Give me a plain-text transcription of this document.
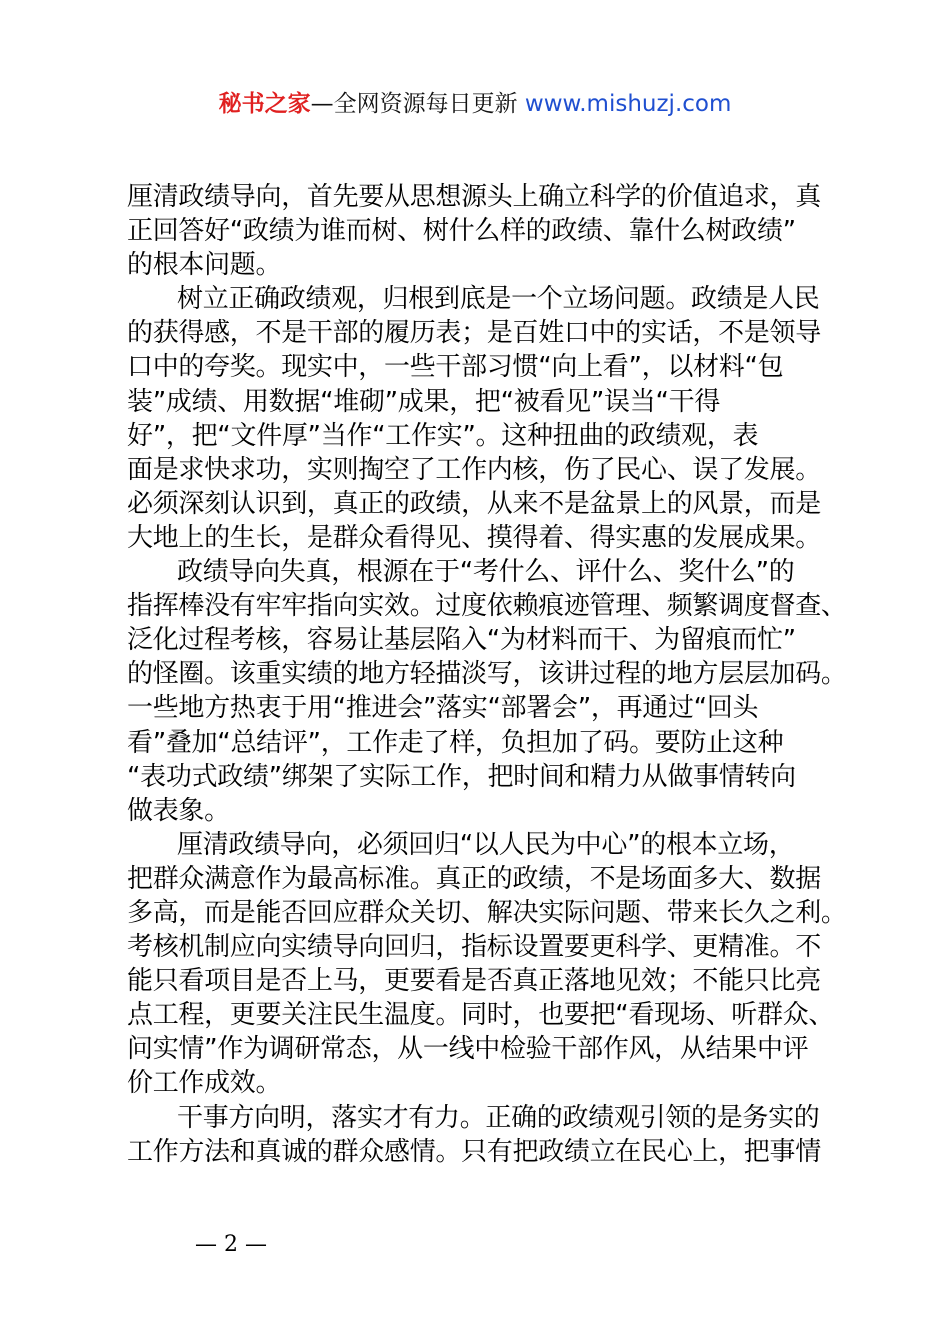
秘书之家—全网资源每日更新 www.mishuzj.com
厘清政绩导向，首先要从思想源头上确立科学的价值追求，真
正回答好“政绩为谁而树、树什么样的政绩、靠什么树政绩”
的根本问题。
树立正确政绩观，归根到底是一个立场问题。政绩是人民
的获得感，不是干部的履历表；是百姓口中的实话，不是领导
口中的夸奖。现实中，一些干部习惯“向上看”，以材料“包
装”成绩、用数据“堆砌”成果，把“被看见”误当“干得
好”，把“文件厚”当作“工作实”。这种扭曲的政绩观，表
面是求快求功，实则掏空了工作内核，伤了民心、误了发展。
必须深刻认识到，真正的政绩，从来不是盆景上的风景，而是
大地上的生长，是群众看得见、摸得着、得实惠的发展成果。
政绩导向失真，根源在于“考什么、评什么、奖什么”的
指挥棒没有牢牢指向实效。过度依赖痕迹管理、频繁调度督查、
泛化过程考核，容易让基层陷入“为材料而干、为留痕而忙”
的怪圈。该重实绩的地方轻描淡写，该讲过程的地方层层加码。
一些地方热衷于用“推进会”落实“部署会”，再通过“回头
看”叠加“总结评”，工作走了样，负担加了码。要防止这种
“表功式政绩”绑架了实际工作，把时间和精力从做事情转向
做表象。
厘清政绩导向，必须回归“以人民为中心”的根本立场，
把群众满意作为最高标准。真正的政绩，不是场面多大、数据
多高，而是能否回应群众关切、解决实际问题、带来长久之利。
考核机制应向实绩导向回归，指标设置要更科学、更精准。不
能只看项目是否上马，更要看是否真正落地见效；不能只比亮
点工程，更要关注民生温度。同时，也要把“看现场、听群众、
问实情”作为调研常态，从一线中检验干部作风，从结果中评
价工作成效。
干事方向明，落实才有力。正确的政绩观引领的是务实的
工作方法和真诚的群众感情。只有把政绩立在民心上，把事情
— 2 —
